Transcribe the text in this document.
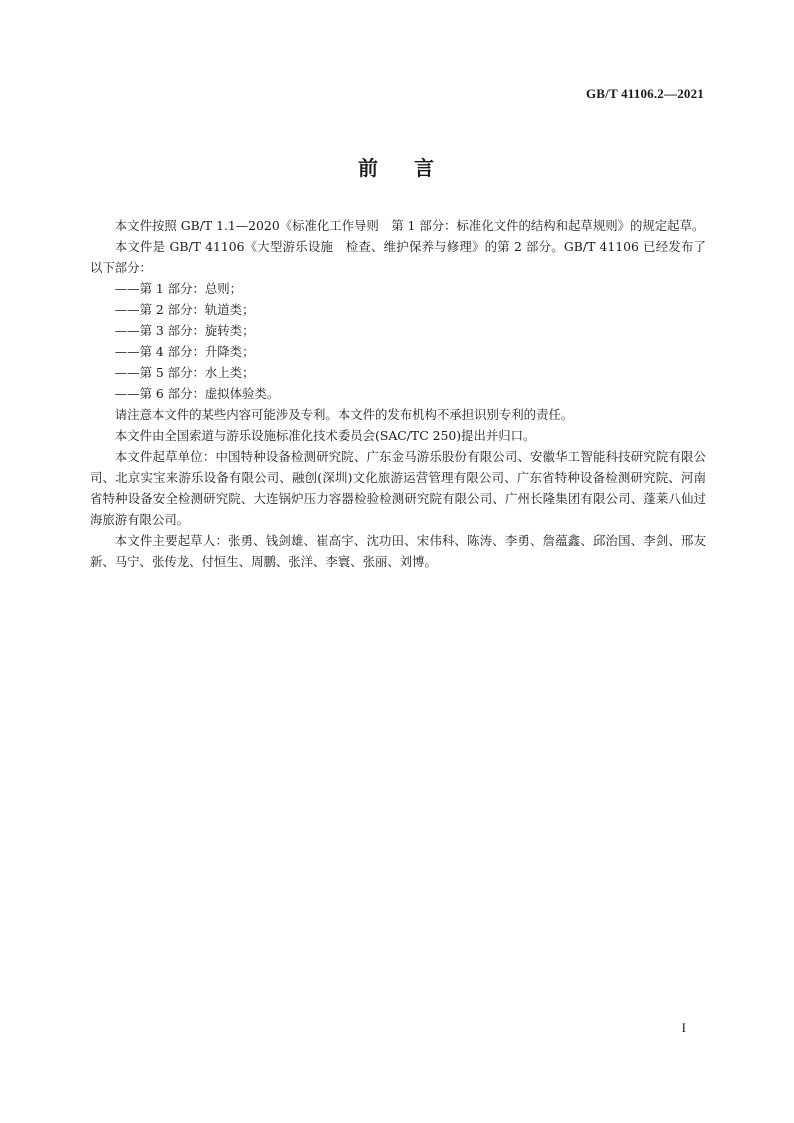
GB/T 41106.2—2021
前 言

本文件按照 GB/T 1.1—2020《标准化工作导则　第 1 部分：标准化文件的结构和起草规则》的规定起草。

本文件是 GB/T 41106《大型游乐设施　检查、维护保养与修理》的第 2 部分。GB/T 41106 已经发布了以下部分：

——第 1 部分：总则；

——第 2 部分：轨道类；

——第 3 部分：旋转类；

——第 4 部分：升降类；

——第 5 部分：水上类；

——第 6 部分：虚拟体验类。

请注意本文件的某些内容可能涉及专利。本文件的发布机构不承担识别专利的责任。

本文件由全国索道与游乐设施标准化技术委员会(SAC/TC 250)提出并归口。

本文件起草单位：中国特种设备检测研究院、广东金马游乐股份有限公司、安徽华工智能科技研究院有限公司、北京实宝来游乐设备有限公司、融创(深圳)文化旅游运营管理有限公司、广东省特种设备检测研究院、河南省特种设备安全检测研究院、大连锅炉压力容器检验检测研究院有限公司、广州长隆集团有限公司、蓬莱八仙过海旅游有限公司。

本文件主要起草人：张勇、钱剑雄、崔高宇、沈功田、宋伟科、陈涛、李勇、詹蕴鑫、邱治国、李剑、邢友新、马宁、张传龙、付恒生、周鹏、张洋、李寰、张丽、刘博。

I
